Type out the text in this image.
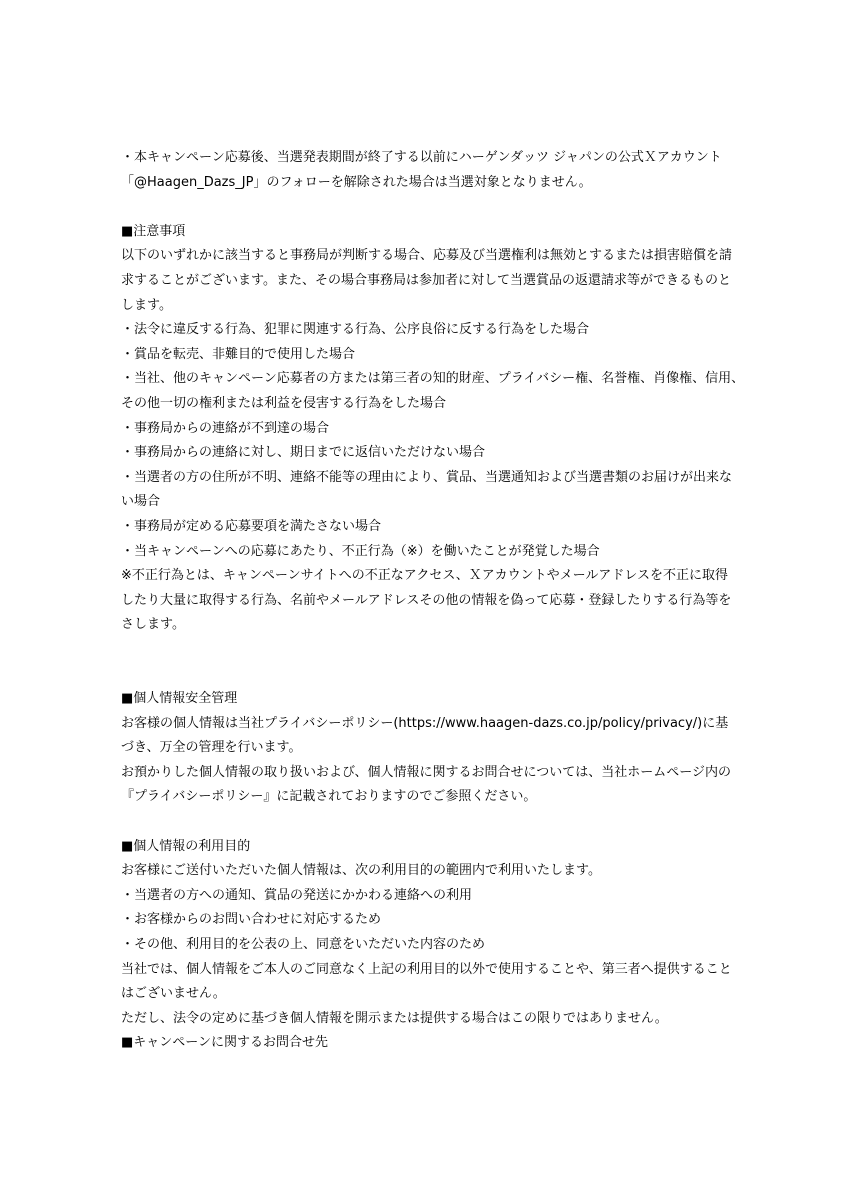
・本キャンペーン応募後、当選発表期間が終了する以前にハーゲンダッツ ジャパンの公式Ｘアカウント
「@Haagen_Dazs_JP」のフォローを解除された場合は当選対象となりません。
■注意事項
以下のいずれかに該当すると事務局が判断する場合、応募及び当選権利は無効とするまたは損害賠償を請
求することがございます。また、その場合事務局は参加者に対して当選賞品の返還請求等ができるものと
します。
・法令に違反する行為、犯罪に関連する行為、公序良俗に反する行為をした場合
・賞品を転売、非難目的で使用した場合
・当社、他のキャンペーン応募者の方または第三者の知的財産、プライバシー権、名誉権、肖像権、信用、
その他一切の権利または利益を侵害する行為をした場合
・事務局からの連絡が不到達の場合
・事務局からの連絡に対し、期日までに返信いただけない場合
・当選者の方の住所が不明、連絡不能等の理由により、賞品、当選通知および当選書類のお届けが出来な
い場合
・事務局が定める応募要項を満たさない場合
・当キャンペーンへの応募にあたり、不正行為（※）を働いたことが発覚した場合
※不正行為とは、キャンペーンサイトへの不正なアクセス、Ｘアカウントやメールアドレスを不正に取得
したり大量に取得する行為、名前やメールアドレスその他の情報を偽って応募・登録したりする行為等を
さします。
■個人情報安全管理
お客様の個人情報は当社プライバシーポリシー(https://www.haagen-dazs.co.jp/policy/privacy/)に基
づき、万全の管理を行います。
お預かりした個人情報の取り扱いおよび、個人情報に関するお問合せについては、当社ホームページ内の
『プライバシーポリシー』に記載されておりますのでご参照ください。
■個人情報の利用目的
お客様にご送付いただいた個人情報は、次の利用目的の範囲内で利用いたします。
・当選者の方への通知、賞品の発送にかかわる連絡への利用
・お客様からのお問い合わせに対応するため
・その他、利用目的を公表の上、同意をいただいた内容のため
当社では、個人情報をご本人のご同意なく上記の利用目的以外で使用することや、第三者へ提供すること
はございません。
ただし、法令の定めに基づき個人情報を開示または提供する場合はこの限りではありません。
■キャンペーンに関するお問合せ先
